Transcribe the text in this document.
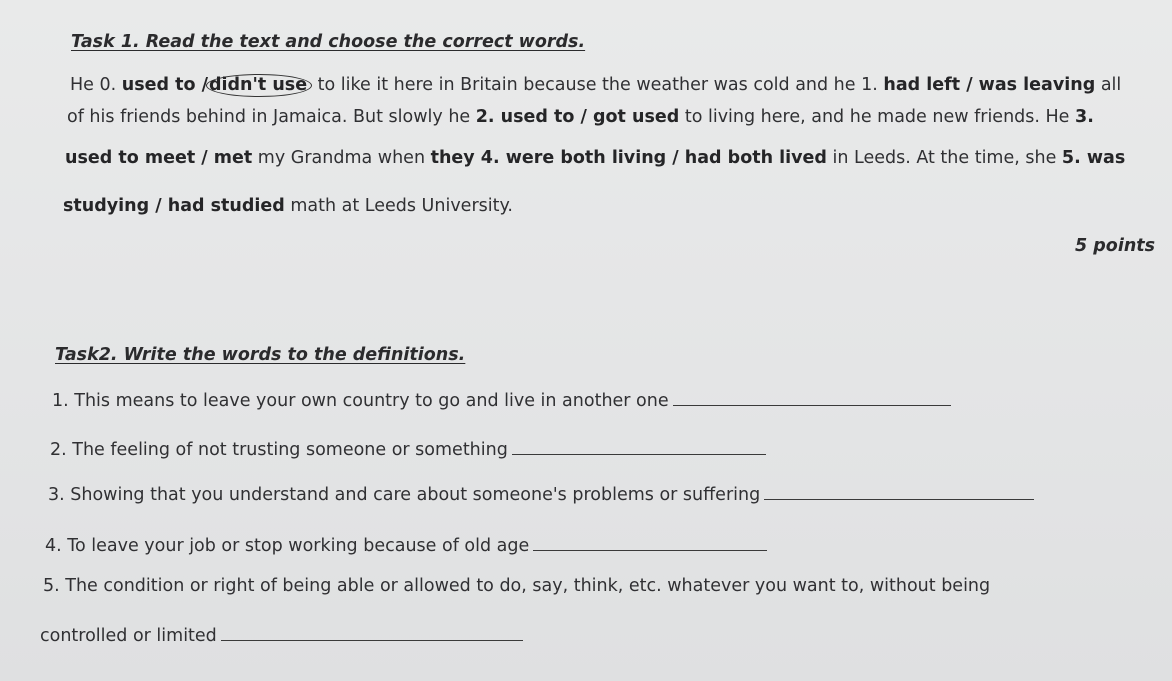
Task 1. Read the text and choose the correct words.
He 0. used to /didn't use to like it here in Britain because the weather was cold and he 1. had left / was leaving all
of his friends behind in Jamaica. But slowly he 2. used to / got used to living here, and he made new friends. He 3.
used to meet / met my Grandma when they 4. were both living / had both lived in Leeds. At the time, she 5. was
studying / had studied math at Leeds University.
5 points
Task2. Write the words to the definitions.
1. This means to leave your own country to go and live in another one
2. The feeling of not trusting someone or something
3. Showing that you understand and care about someone's problems or suffering
4. To leave your job or stop working because of old age
5. The condition or right of being able or allowed to do, say, think, etc. whatever you want to, without being
controlled or limited
